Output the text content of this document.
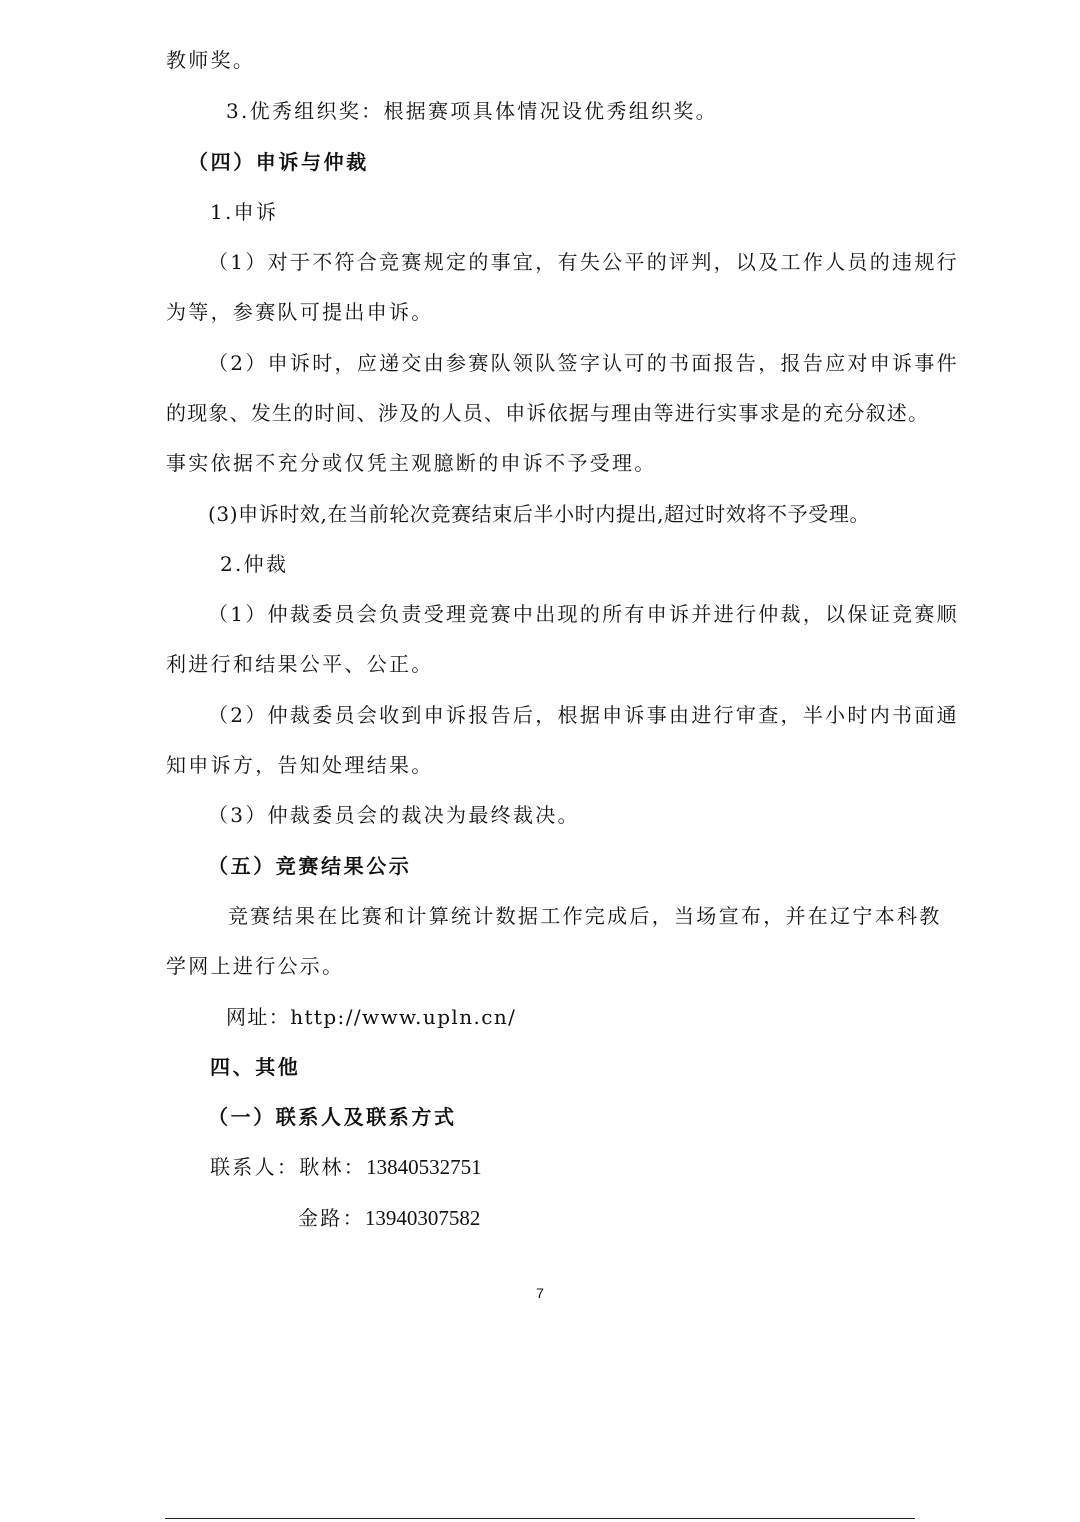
教师奖。
3.优秀组织奖：根据赛项具体情况设优秀组织奖。
（四）申诉与仲裁
1.申诉
（1）对于不符合竞赛规定的事宜，有失公平的评判，以及工作人员的违规行
为等，参赛队可提出申诉。
（2）申诉时，应递交由参赛队领队签字认可的书面报告，报告应对申诉事件
的现象、发生的时间、涉及的人员、申诉依据与理由等进行实事求是的充分叙述。
事实依据不充分或仅凭主观臆断的申诉不予受理。
(3)申诉时效,在当前轮次竞赛结束后半小时内提出,超过时效将不予受理。
2.仲裁
（1）仲裁委员会负责受理竞赛中出现的所有申诉并进行仲裁，以保证竞赛顺
利进行和结果公平、公正。
（2）仲裁委员会收到申诉报告后，根据申诉事由进行审查，半小时内书面通
知申诉方，告知处理结果。
（3）仲裁委员会的裁决为最终裁决。
（五）竞赛结果公示
竞赛结果在比赛和计算统计数据工作完成后，当场宣布，并在辽宁本科教
学网上进行公示。
网址：http://www.upln.cn/
四、其他
（一）联系人及联系方式
联系人：耿林：13840532751
金路：13940307582
7
